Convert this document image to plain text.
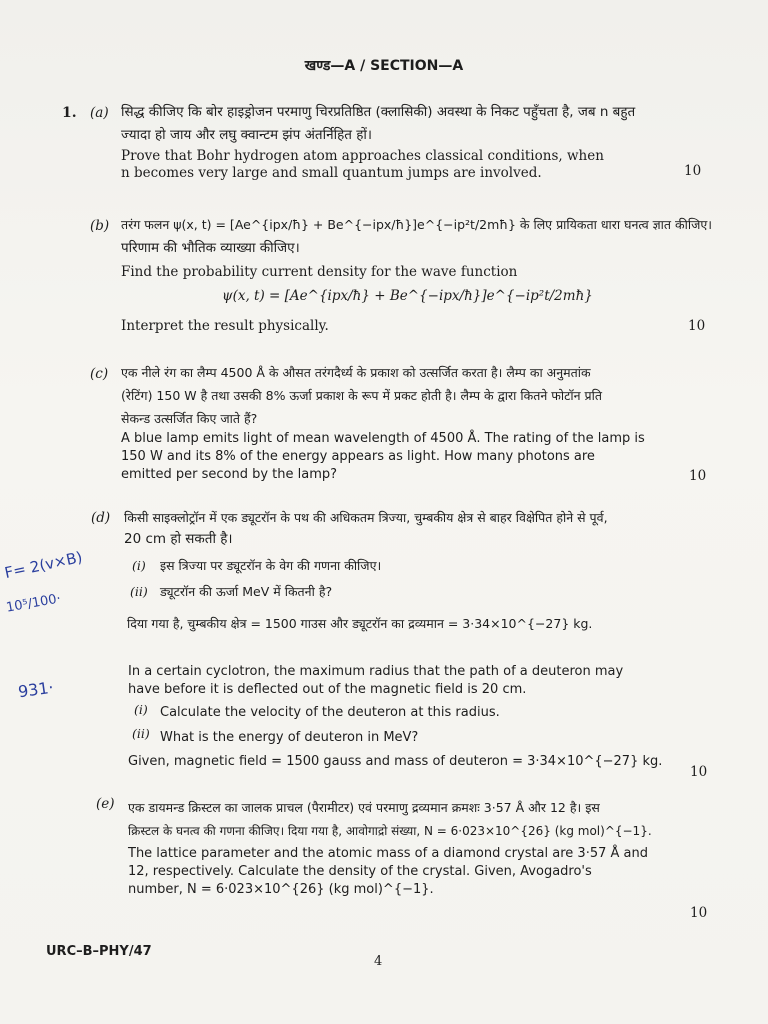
खण्ड—A / SECTION—A
1. (a) सिद्ध कीजिए कि बोर हाइड्रोजन परमाणु चिरप्रतिष्ठित (क्लासिकी) अवस्था के निकट पहुँचता है, जब n बहुत
ज्यादा हो जाय और लघु क्वान्टम झंप अंतर्निहित हों।
Prove that Bohr hydrogen atom approaches classical conditions, when
n becomes very large and small quantum jumps are involved.	10
(b) तरंग फलन ψ(x, t) = [Ae^{ipx/ħ} + Be^{−ipx/ħ}]e^{−ip²t/2mħ} के लिए प्रायिकता धारा घनत्व ज्ञात कीजिए।
परिणाम की भौतिक व्याख्या कीजिए।
Find the probability current density for the wave function
ψ(x, t) = [Ae^{ipx/ħ} + Be^{−ipx/ħ}]e^{−ip²t/2mħ}
Interpret the result physically.	10
(c) एक नीले रंग का लैम्प 4500 Å के औसत तरंगदैर्ध्य के प्रकाश को उत्सर्जित करता है। लैम्प का अनुमतांक
(रेटिंग) 150 W है तथा उसकी 8% ऊर्जा प्रकाश के रूप में प्रकट होती है। लैम्प के द्वारा कितने फोटॉन प्रति
सेकन्ड उत्सर्जित किए जाते हैं?
A blue lamp emits light of mean wavelength of 4500 Å. The rating of the lamp is
150 W and its 8% of the energy appears as light. How many photons are
emitted per second by the lamp?	10
(d) किसी साइक्लोट्रॉन में एक ड्यूटरॉन के पथ की अधिकतम त्रिज्या, चुम्बकीय क्षेत्र से बाहर विक्षेपित होने से पूर्व,
20 cm हो सकती है।
(i) इस त्रिज्या पर ड्यूटरॉन के वेग की गणना कीजिए।
(ii) ड्यूटरॉन की ऊर्जा MeV में कितनी है?
दिया गया है, चुम्बकीय क्षेत्र = 1500 गाउस और ड्यूटरॉन का द्रव्यमान = 3·34×10^{−27} kg.
In a certain cyclotron, the maximum radius that the path of a deuteron may
have before it is deflected out of the magnetic field is 20 cm.
(i) Calculate the velocity of the deuteron at this radius.
(ii) What is the energy of deuteron in MeV?
Given, magnetic field = 1500 gauss and mass of deuteron = 3·34×10^{−27} kg.
10
(e) एक डायमन्ड क्रिस्टल का जालक प्राचल (पैरामीटर) एवं परमाणु द्रव्यमान क्रमशः 3·57 Å और 12 है। इस
क्रिस्टल के घनत्व की गणना कीजिए। दिया गया है, आवोगाद्रो संख्या, N = 6·023×10^{26} (kg mol)^{−1}.
The lattice parameter and the atomic mass of a diamond crystal are 3·57 Å and
12, respectively. Calculate the density of the crystal. Given, Avogadro's
number, N = 6·023×10^{26} (kg mol)^{−1}.
10
F= 2(v×B)
10⁵/100·
931·
URC–B–PHY/47
4
